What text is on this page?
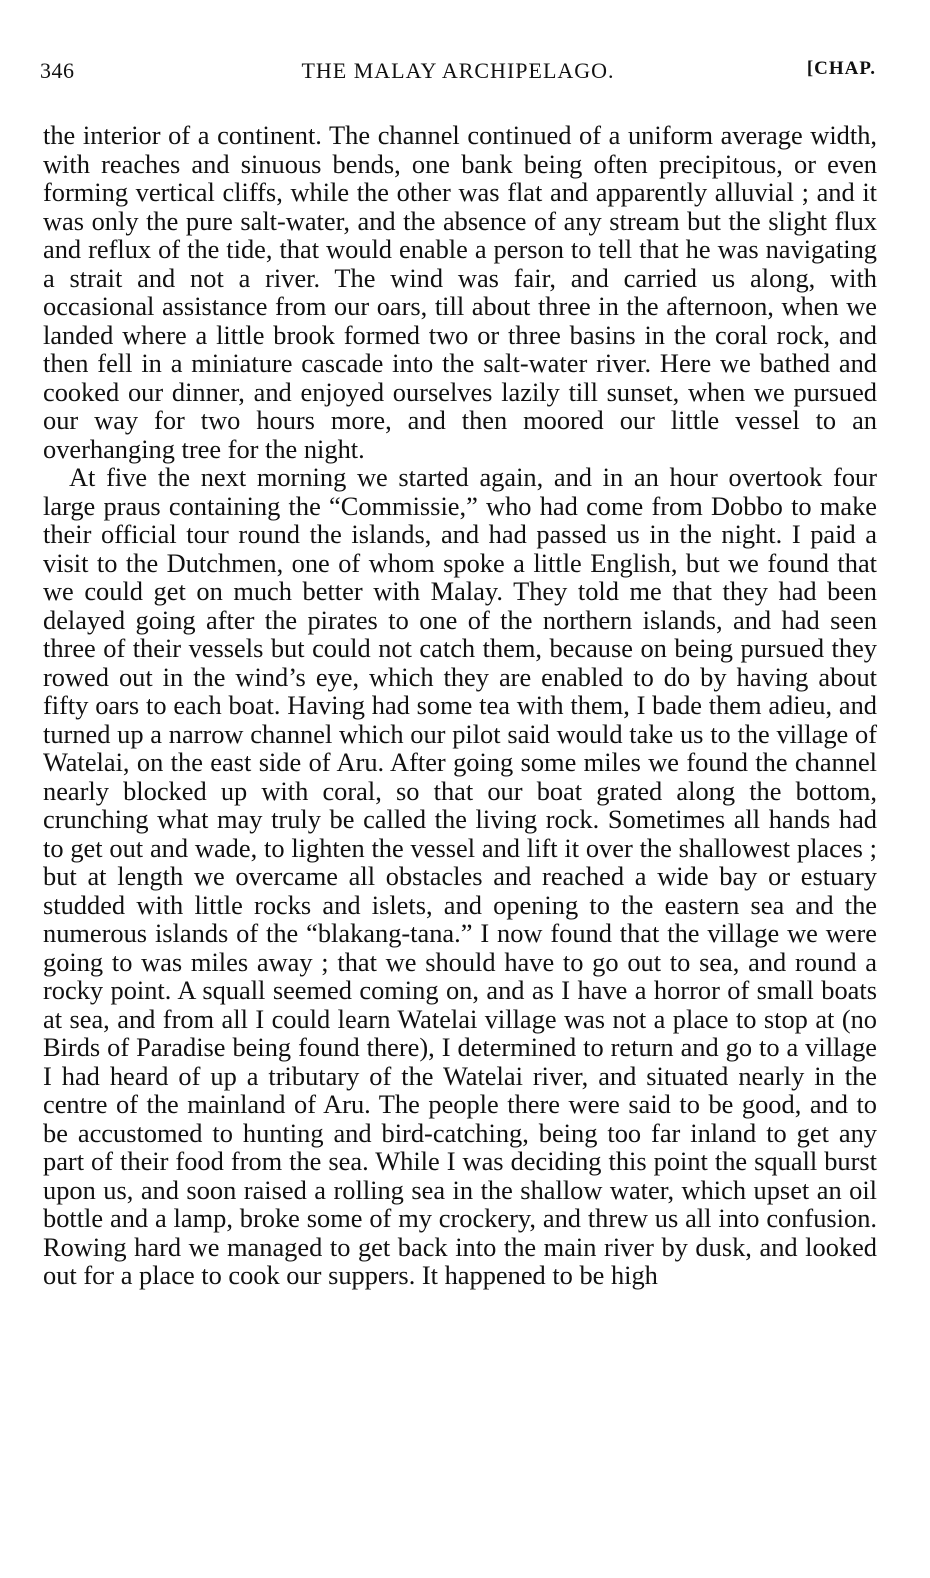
346	THE MALAY ARCHIPELAGO.	[CHAP.

the interior of a continent. The channel continued of a uniform average width, with reaches and sinuous bends, one bank being often precipitous, or even forming vertical cliffs, while the other was flat and apparently alluvial ; and it was only the pure salt-water, and the absence of any stream but the slight flux and reflux of the tide, that would enable a person to tell that he was navigating a strait and not a river. The wind was fair, and carried us along, with occasional assistance from our oars, till about three in the afternoon, when we landed where a little brook formed two or three basins in the coral rock, and then fell in a miniature cascade into the salt-water river. Here we bathed and cooked our dinner, and enjoyed ourselves lazily till sunset, when we pursued our way for two hours more, and then moored our little vessel to an overhanging tree for the night.

At five the next morning we started again, and in an hour overtook four large praus containing the “Commissie,” who had come from Dobbo to make their official tour round the islands, and had passed us in the night. I paid a visit to the Dutchmen, one of whom spoke a little English, but we found that we could get on much better with Malay. They told me that they had been delayed going after the pirates to one of the northern islands, and had seen three of their vessels but could not catch them, because on being pursued they rowed out in the wind’s eye, which they are enabled to do by having about fifty oars to each boat. Having had some tea with them, I bade them adieu, and turned up a narrow channel which our pilot said would take us to the village of Watelai, on the east side of Aru. After going some miles we found the channel nearly blocked up with coral, so that our boat grated along the bottom, crunching what may truly be called the living rock. Sometimes all hands had to get out and wade, to lighten the vessel and lift it over the shallowest places ; but at length we overcame all obstacles and reached a wide bay or estuary studded with little rocks and islets, and opening to the eastern sea and the numerous islands of the “blakang-tana.” I now found that the village we were going to was miles away ; that we should have to go out to sea, and round a rocky point. A squall seemed coming on, and as I have a horror of small boats at sea, and from all I could learn Watelai village was not a place to stop at (no Birds of Paradise being found there), I determined to return and go to a village I had heard of up a tributary of the Watelai river, and situated nearly in the centre of the mainland of Aru. The people there were said to be good, and to be accustomed to hunting and bird-catching, being too far inland to get any part of their food from the sea. While I was deciding this point the squall burst upon us, and soon raised a rolling sea in the shallow water, which upset an oil bottle and a lamp, broke some of my crockery, and threw us all into confusion. Rowing hard we managed to get back into the main river by dusk, and looked out for a place to cook our suppers. It happened to be high
